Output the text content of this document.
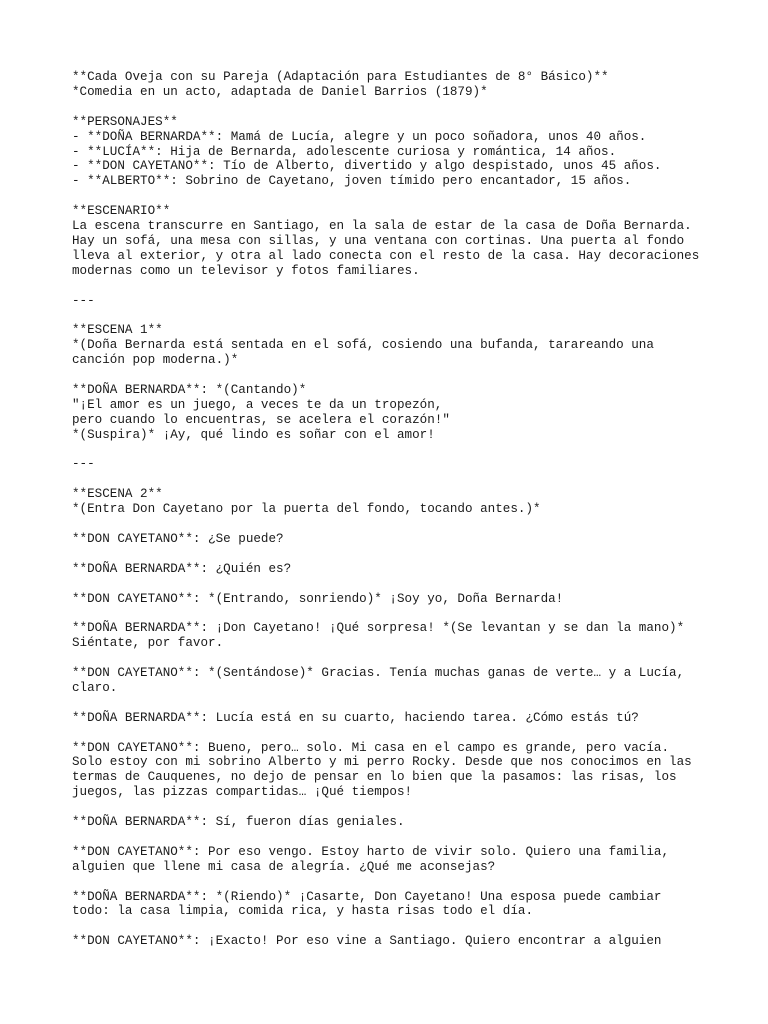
**Cada Oveja con su Pareja (Adaptación para Estudiantes de 8° Básico)**
*Comedia en un acto, adaptada de Daniel Barrios (1879)*
**PERSONAJES**
- **DOÑA BERNARDA**: Mamá de Lucía, alegre y un poco soñadora, unos 40 años.
- **LUCÍA**: Hija de Bernarda, adolescente curiosa y romántica, 14 años.
- **DON CAYETANO**: Tío de Alberto, divertido y algo despistado, unos 45 años.
- **ALBERTO**: Sobrino de Cayetano, joven tímido pero encantador, 15 años.
**ESCENARIO**
La escena transcurre en Santiago, en la sala de estar de la casa de Doña Bernarda.
Hay un sofá, una mesa con sillas, y una ventana con cortinas. Una puerta al fondo
lleva al exterior, y otra al lado conecta con el resto de la casa. Hay decoraciones
modernas como un televisor y fotos familiares.
---
**ESCENA 1**
*(Doña Bernarda está sentada en el sofá, cosiendo una bufanda, tarareando una
canción pop moderna.)*
**DOÑA BERNARDA**: *(Cantando)*
"¡El amor es un juego, a veces te da un tropezón,
pero cuando lo encuentras, se acelera el corazón!"
*(Suspira)* ¡Ay, qué lindo es soñar con el amor!
---
**ESCENA 2**
*(Entra Don Cayetano por la puerta del fondo, tocando antes.)*
**DON CAYETANO**: ¿Se puede?
**DOÑA BERNARDA**: ¿Quién es?
**DON CAYETANO**: *(Entrando, sonriendo)* ¡Soy yo, Doña Bernarda!
**DOÑA BERNARDA**: ¡Don Cayetano! ¡Qué sorpresa! *(Se levantan y se dan la mano)*
Siéntate, por favor.
**DON CAYETANO**: *(Sentándose)* Gracias. Tenía muchas ganas de verte… y a Lucía,
claro.
**DOÑA BERNARDA**: Lucía está en su cuarto, haciendo tarea. ¿Cómo estás tú?
**DON CAYETANO**: Bueno, pero… solo. Mi casa en el campo es grande, pero vacía.
Solo estoy con mi sobrino Alberto y mi perro Rocky. Desde que nos conocimos en las
termas de Cauquenes, no dejo de pensar en lo bien que la pasamos: las risas, los
juegos, las pizzas compartidas… ¡Qué tiempos!
**DOÑA BERNARDA**: Sí, fueron días geniales.
**DON CAYETANO**: Por eso vengo. Estoy harto de vivir solo. Quiero una familia,
alguien que llene mi casa de alegría. ¿Qué me aconsejas?
**DOÑA BERNARDA**: *(Riendo)* ¡Casarte, Don Cayetano! Una esposa puede cambiar
todo: la casa limpia, comida rica, y hasta risas todo el día.
**DON CAYETANO**: ¡Exacto! Por eso vine a Santiago. Quiero encontrar a alguien
